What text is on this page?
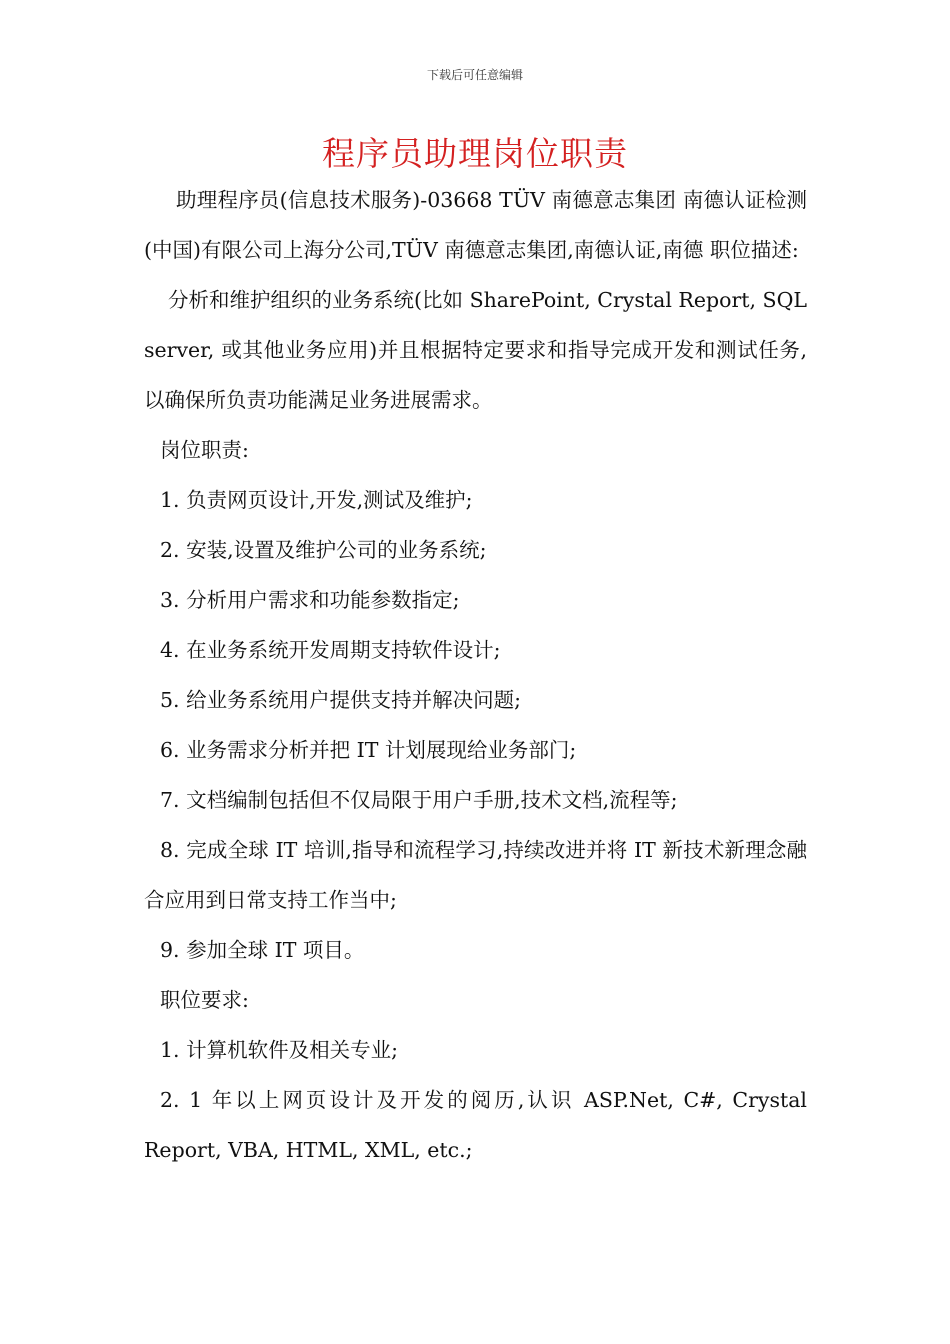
下载后可任意编辑
程序员助理岗位职责

助理程序员(信息技术服务)-03668 TÜV 南德意志集团 南德认证检测(中国)有限公司上海分公司,TÜV 南德意志集团,南德认证,南德 职位描述:

分析和维护组织的业务系统(比如 SharePoint, Crystal Report, SQL server, 或其他业务应用)并且根据特定要求和指导完成开发和测试任务,以确保所负责功能满足业务进展需求。

岗位职责:

1. 负责网页设计,开发,测试及维护;

2. 安装,设置及维护公司的业务系统;

3. 分析用户需求和功能参数指定;

4. 在业务系统开发周期支持软件设计;

5. 给业务系统用户提供支持并解决问题;

6. 业务需求分析并把 IT 计划展现给业务部门;

7. 文档编制包括但不仅局限于用户手册,技术文档,流程等;

8. 完成全球 IT 培训,指导和流程学习,持续改进并将 IT 新技术新理念融合应用到日常支持工作当中;

9. 参加全球 IT 项目。

职位要求:

1. 计算机软件及相关专业;

2. 1 年以上网页设计及开发的阅历,认识 ASP.Net, C#, Crystal Report, VBA, HTML, XML, etc.;
